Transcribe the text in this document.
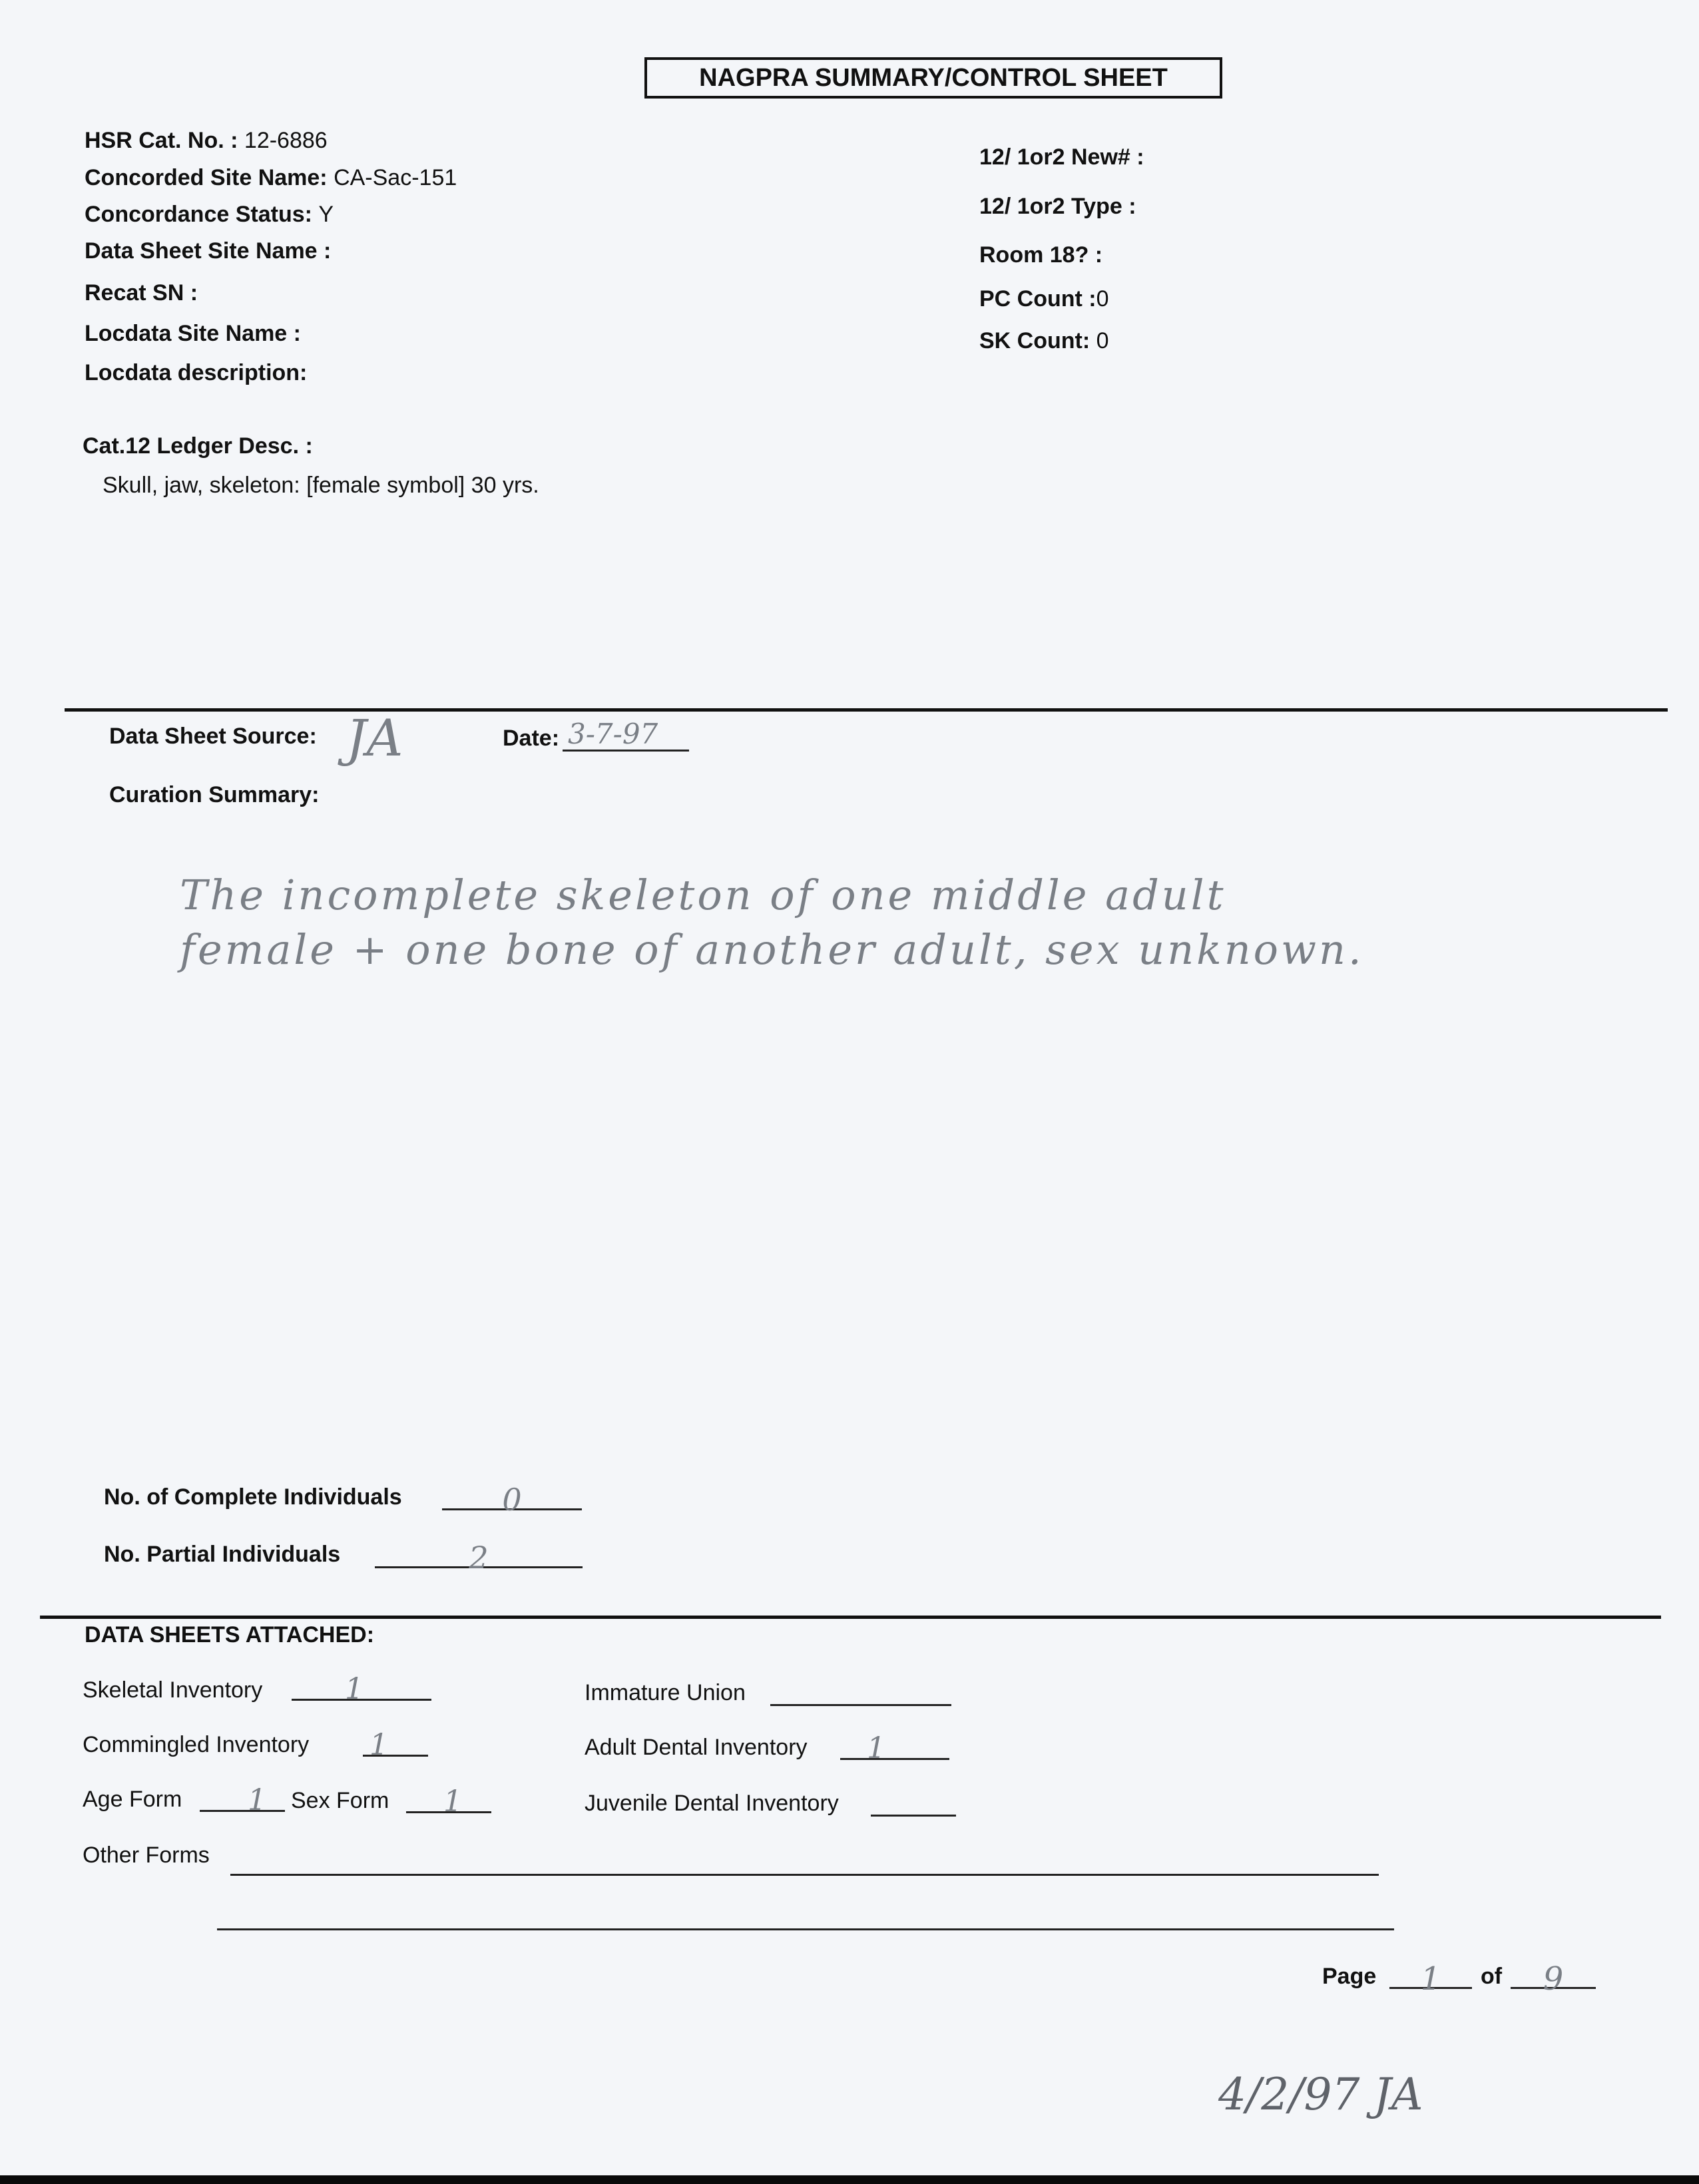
NAGPRA SUMMARY/CONTROL SHEET
HSR Cat. No. : 12-6886
Concorded Site Name: CA-Sac-151
Concordance Status: Y
Data Sheet Site Name :
Recat SN :
Locdata Site Name :
Locdata description:
12/ 1or2 New# :
12/ 1or2 Type :
Room 18? :
PC Count :0
SK Count: 0
Cat.12 Ledger Desc. :
Skull, jaw, skeleton: [female symbol] 30 yrs.
Data Sheet Source: JA	Date: 3-7-97
Curation Summary:
The incomplete skeleton of one middle adult
female + one bone of another adult, sex unknown.
No. of Complete Individuals	0
No. Partial Individuals	2
DATA SHEETS ATTACHED:
Skeletal Inventory	1
Commingled Inventory 1
Age Form	1	Sex Form	1
Immature Union
Adult Dental Inventory	1
Juvenile Dental Inventory
Other Forms
Page	1	of	9
4/2/97 JA
